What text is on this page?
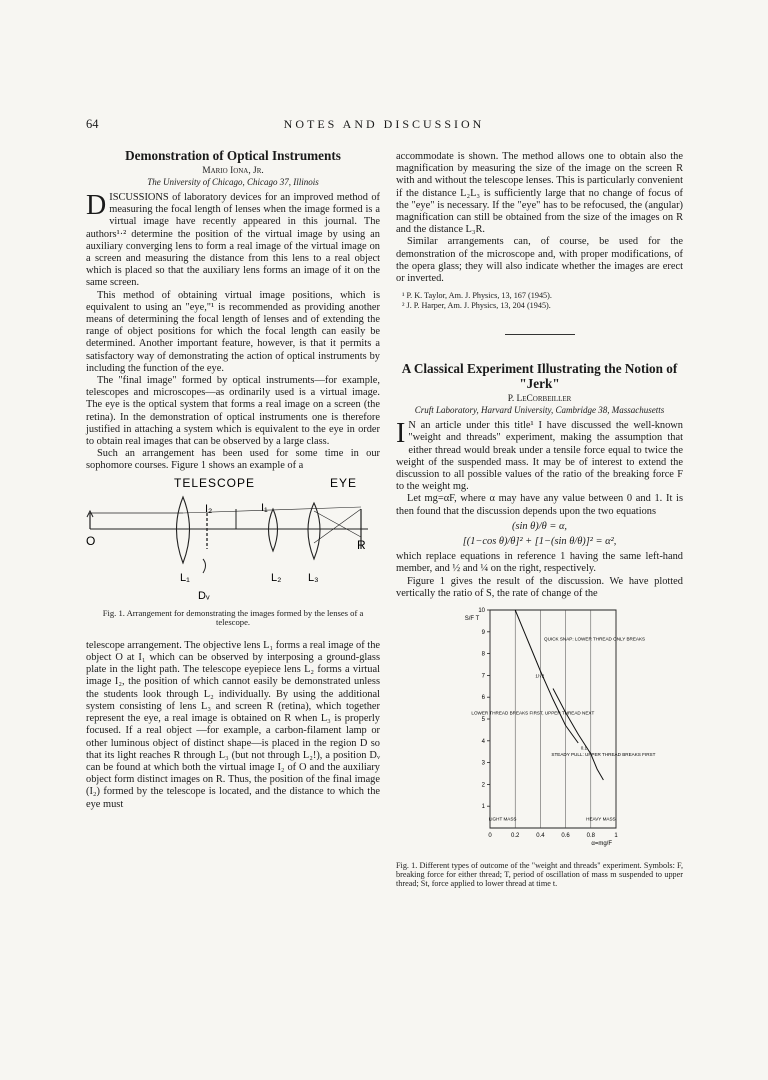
64	NOTES AND DISCUSSION
Demonstration of Optical Instruments
Mario Iona, Jr.
The University of Chicago, Chicago 37, Illinois

DISCUSSIONS of laboratory devices for an improved method of measuring the focal length of lenses when the image formed is a virtual image have recently appeared in this journal. The authors¹·² determine the position of the virtual image by using an auxiliary converging lens to form a real image of the virtual image on a screen and measuring the distance from this lens to a real object which is placed so that the auxiliary lens forms an image of it on the same screen.

This method of obtaining virtual image positions, which is equivalent to using an "eye,"¹ is recommended as providing another means of determining the focal length of lenses and of extending the range of object positions for which the focal length can easily be determined. Another important feature, however, is that it permits a satisfactory way of demonstrating the action of optical instruments by including the function of the eye.

The "final image" formed by optical instruments—for example, telescopes and microscopes—as ordinarily used is a virtual image. The eye is the optical system that forms a real image on a screen (the retina). In the demonstration of optical instruments one is therefore justified in attaching a system which is equivalent to the eye in order to obtain real images that can be observed by a large class.

Such an arrangement has been used for some time in our sophomore courses. Figure 1 shows an example of a

TELESCOPE	EYE
I₂	I₁
O	R
L₁	L₂ L₃
Dᵥ
Fig. 1. Arrangement for demonstrating the images formed by the lenses of a telescope.

telescope arrangement. The objective lens L₁ forms a real image of the object O at I₁ which can be observed by interposing a ground-glass plate in the light path. The telescope eyepiece lens L₂ forms a virtual image I₂, the position of which cannot easily be demonstrated unless the students look through L₂ individually. By using the additional system consisting of lens L₃ and screen R (retina), which together represent the eye, a real image is obtained on R when L₃ is properly focused. If a real object —for example, a carbon-filament lamp or other luminous object of distinct shape—is placed in the region D so that its light reaches R through L₃ (but not through L₂!), a position Dᵥ can be found at which both the virtual image I₂ of O and the auxiliary object form distinct images on R. Thus, the position of the final image (I₂) formed by the telescope is located, and the distance to which the eye must

accommodate is shown. The method allows one to obtain also the magnification by measuring the size of the image on the screen R with and without the telescope lenses. This is particularly convenient if the distance L₂L₃ is sufficiently large that no change of focus of the "eye" is necessary. If the "eye" has to be refocused, the (angular) magnification can still be obtained from the size of the images on R and the distance L₃R.

Similar arrangements can, of course, be used for the demonstration of the microscope and, with proper modifications, of the opera glass; they will also indicate whether the images are erect or inverted.

¹ P. K. Taylor, Am. J. Physics, 13, 167 (1945).
² J. P. Harper, Am. J. Physics, 13, 204 (1945).
A Classical Experiment Illustrating the Notion of "Jerk"
P. LeCorbeiller
Cruft Laboratory, Harvard University, Cambridge 38, Massachusetts

I N an article under this title¹ I have discussed the well-known "weight and threads" experiment, making the assumption that either thread would break under a tensile force equal to twice the weight of the suspended mass. It may be of interest to extend the discussion to all possible values of the ratio of the breaking force F to the weight mg.

Let mg=αF, where α may have any value between 0 and 1. It is then found that the discussion depends upon the two equations

(sin θ)/θ = α,
[(1−cos θ)/θ]² + [1−(sin θ/θ)]² = α²,

which replace equations in reference 1 having the same left-hand member, and ½ and ¼ on the right, respectively.

Figure 1 gives the result of the discussion. We have plotted vertically the ratio of S, the rate of change of the

0	0.2	0.4	0.6	0.8	1
1
2
3
4
5
6
7
8
9
10
α=mg/F
S/F T
QUICK SNAP: LOWER THREAD ONLY BREAKS
LOWER THREAD BREAKS FIRST, UPPER THREAD NEXT
STEADY PULL: UPPER THREAD BREAKS FIRST
LIGHT MASS	HEAVY MASS
1/√2
0.1
Fig. 1. Different types of outcome of the "weight and threads" experiment. Symbols: F, breaking force for either thread; T, period of oscillation of mass m suspended to upper thread; St, force applied to lower thread at time t.
